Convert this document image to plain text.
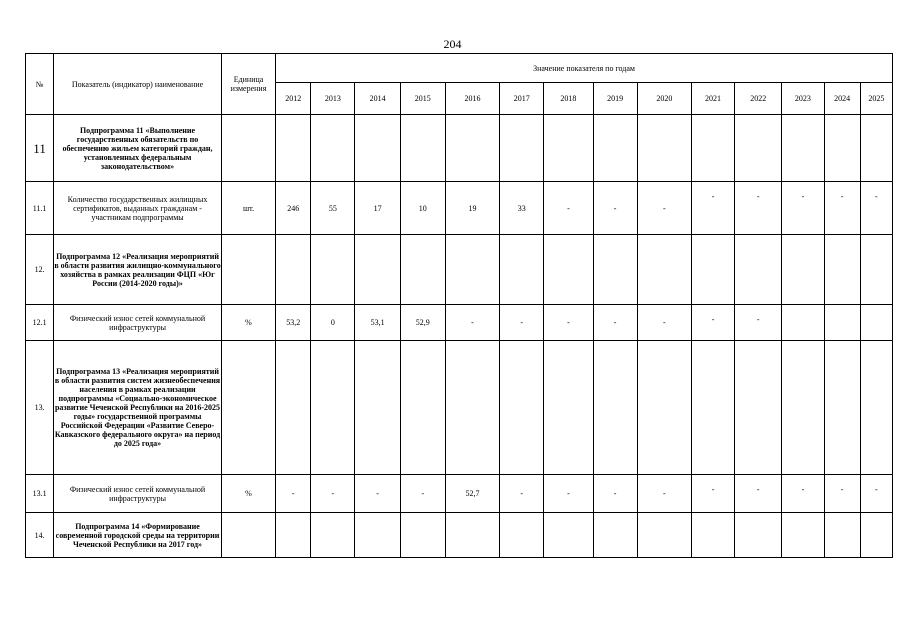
204
№	Показатель (индикатор) наименование	Единица измерения	Значение показателя по годам													
			2012	2013	2014	2015	2016	2017	2018	2019	2020	2021	2022	2023	2024	2025
11	Подпрограмма 11 «Выполнение государственных обязательств по обеспечению жильем категорий граждан, установленных федеральным законодательством»															
11.1	Количество государственных жилищных сертификатов, выданных гражданам - участникам подпрограммы	шт.	246	55	17	10	19	33	-	-	-	-	-	-	-	-
12.	Подпрограмма 12 «Реализация мероприятий в области развития жилищно-коммунального хозяйства в рамках реализации ФЦП «Юг России (2014-2020 годы)»															
12.1	Физический износ сетей коммунальной инфраструктуры	%	53,2	0	53,1	52,9	-	-	-	-	-	-	-			
13.	Подпрограмма 13 «Реализация мероприятий в области развития систем жизнеобеспечения населения в рамках реализации подпрограммы «Социально-экономическое развитие Чеченской Республики на 2016-2025 годы» государственной программы Российской Федерации «Развитие Северо-Кавказского федерального округа» на период до 2025 года»															
13.1	Физический износ сетей коммунальной инфраструктуры	%	-	-	-	-	52,7	-	-	-	-	-	-	-	-	-
14.	Подпрограмма 14 «Формирование современной городской среды на территории Чеченской Республики на 2017 год»															
